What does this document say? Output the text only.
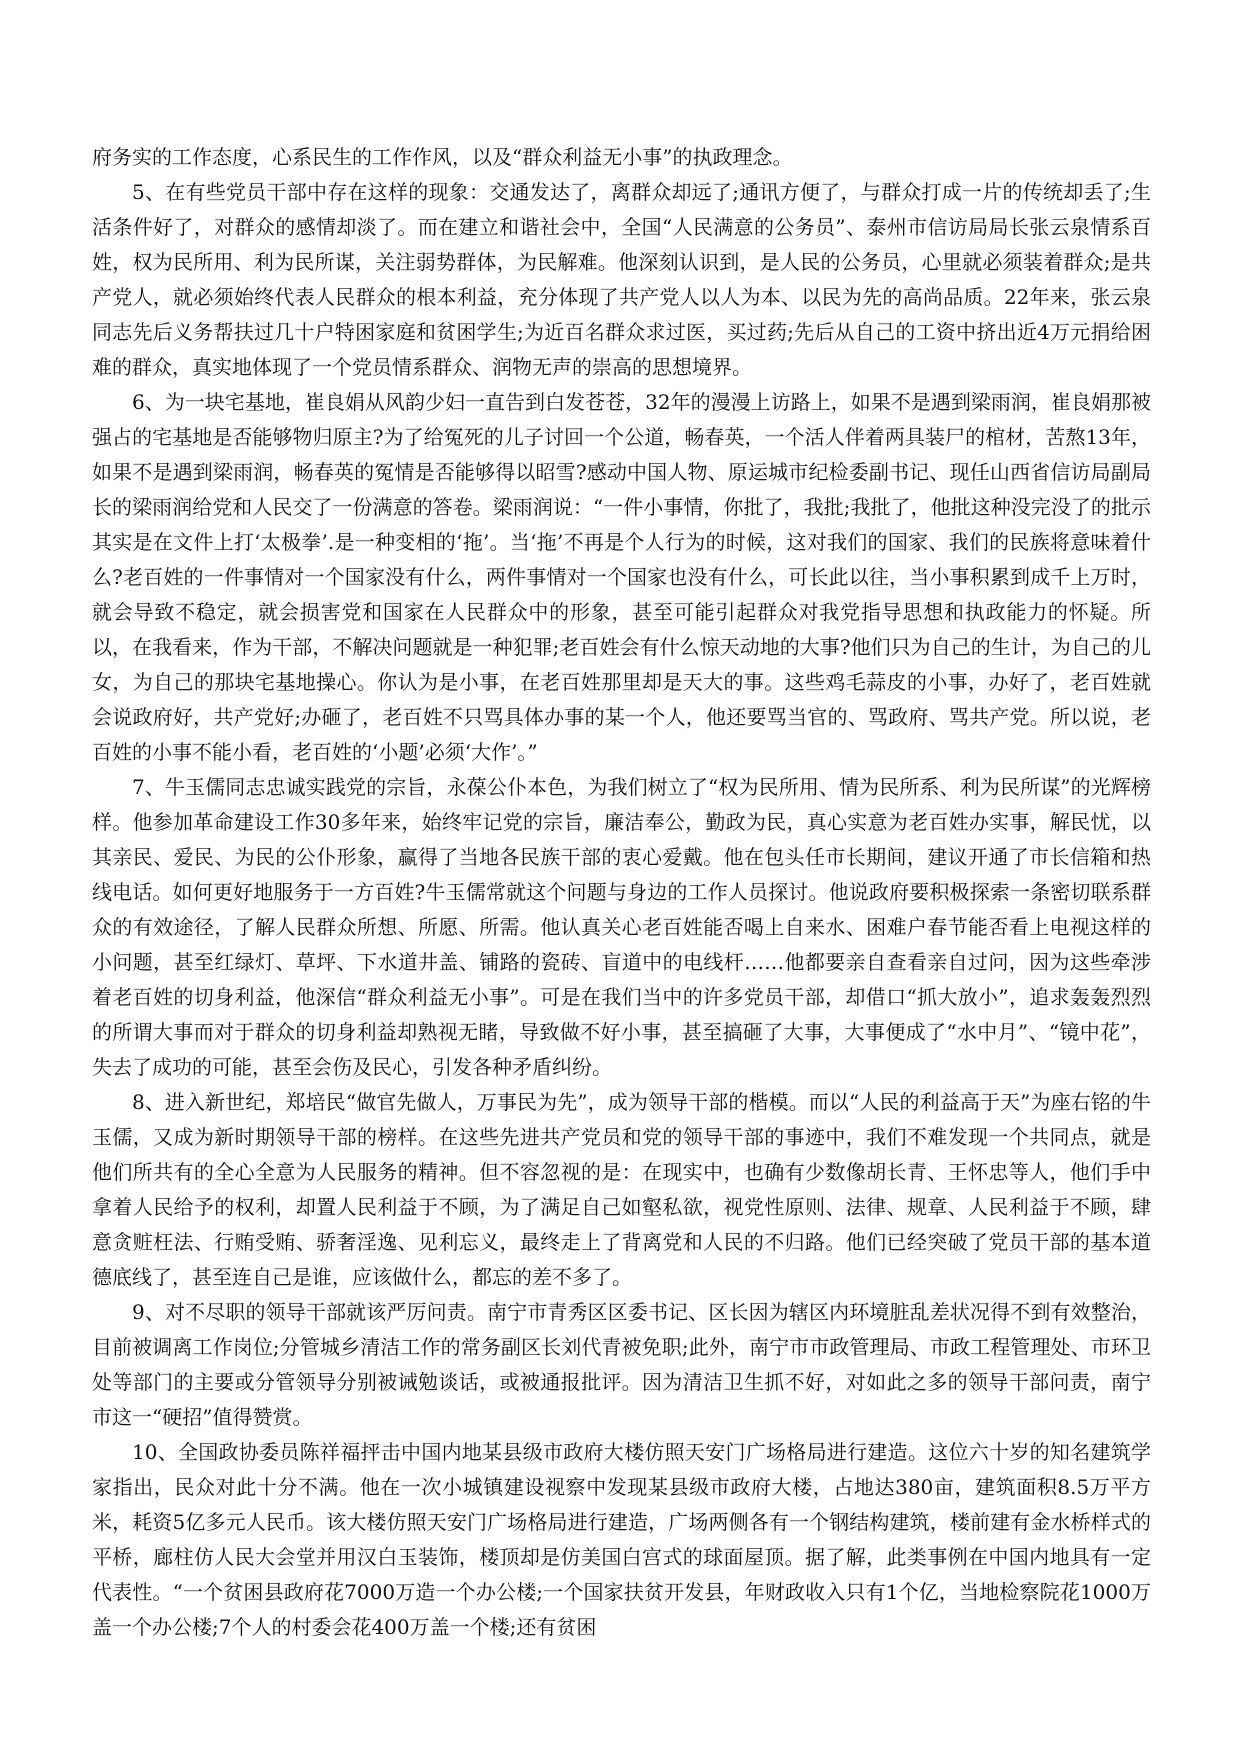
府务实的工作态度，心系民生的工作作风，以及“群众利益无小事”的执政理念。

5、在有些党员干部中存在这样的现象：交通发达了，离群众却远了;通讯方便了，与群众打成一片的传统却丢了;生活条件好了，对群众的感情却淡了。而在建立和谐社会中，全国“人民满意的公务员”、泰州市信访局局长张云泉情系百姓，权为民所用、利为民所谋，关注弱势群体，为民解难。他深刻认识到，是人民的公务员，心里就必须装着群众;是共产党人，就必须始终代表人民群众的根本利益，充分体现了共产党人以人为本、以民为先的高尚品质。22年来，张云泉同志先后义务帮扶过几十户特困家庭和贫困学生;为近百名群众求过医，买过药;先后从自己的工资中挤出近4万元捐给困难的群众，真实地体现了一个党员情系群众、润物无声的崇高的思想境界。

6、为一块宅基地，崔良娟从风韵少妇一直告到白发苍苍，32年的漫漫上访路上，如果不是遇到梁雨润，崔良娟那被强占的宅基地是否能够物归原主?为了给冤死的儿子讨回一个公道，畅春英，一个活人伴着两具装尸的棺材，苦熬13年，如果不是遇到梁雨润，畅春英的冤情是否能够得以昭雪?感动中国人物、原运城市纪检委副书记、现任山西省信访局副局长的梁雨润给党和人民交了一份满意的答卷。梁雨润说：“一件小事情，你批了，我批;我批了，他批这种没完没了的批示其实是在文件上打‘太极拳’.是一种变相的‘拖’。当‘拖’不再是个人行为的时候，这对我们的国家、我们的民族将意味着什么?老百姓的一件事情对一个国家没有什么，两件事情对一个国家也没有什么，可长此以往，当小事积累到成千上万时，就会导致不稳定，就会损害党和国家在人民群众中的形象，甚至可能引起群众对我党指导思想和执政能力的怀疑。所以，在我看来，作为干部，不解决问题就是一种犯罪;老百姓会有什么惊天动地的大事?他们只为自己的生计，为自己的儿女，为自己的那块宅基地操心。你认为是小事，在老百姓那里却是天大的事。这些鸡毛蒜皮的小事，办好了，老百姓就会说政府好，共产党好;办砸了，老百姓不只骂具体办事的某一个人，他还要骂当官的、骂政府、骂共产党。所以说，老百姓的小事不能小看，老百姓的‘小题’必须‘大作’。”

7、牛玉儒同志忠诚实践党的宗旨，永葆公仆本色，为我们树立了“权为民所用、情为民所系、利为民所谋”的光辉榜样。他参加革命建设工作30多年来，始终牢记党的宗旨，廉洁奉公，勤政为民，真心实意为老百姓办实事，解民忧，以其亲民、爱民、为民的公仆形象，赢得了当地各民族干部的衷心爱戴。他在包头任市长期间，建议开通了市长信箱和热线电话。如何更好地服务于一方百姓?牛玉儒常就这个问题与身边的工作人员探讨。他说政府要积极探索一条密切联系群众的有效途径，了解人民群众所想、所愿、所需。他认真关心老百姓能否喝上自来水、困难户春节能否看上电视这样的小问题，甚至红绿灯、草坪、下水道井盖、铺路的瓷砖、盲道中的电线杆……他都要亲自查看亲自过问，因为这些牵涉着老百姓的切身利益，他深信“群众利益无小事”。可是在我们当中的许多党员干部，却借口“抓大放小”，追求轰轰烈烈的所谓大事而对于群众的切身利益却熟视无睹，导致做不好小事，甚至搞砸了大事，大事便成了“水中月”、“镜中花”，失去了成功的可能，甚至会伤及民心，引发各种矛盾纠纷。

8、进入新世纪，郑培民“做官先做人，万事民为先”，成为领导干部的楷模。而以“人民的利益高于天”为座右铭的牛玉儒，又成为新时期领导干部的榜样。在这些先进共产党员和党的领导干部的事迹中，我们不难发现一个共同点，就是他们所共有的全心全意为人民服务的精神。但不容忽视的是：在现实中，也确有少数像胡长青、王怀忠等人，他们手中拿着人民给予的权利，却置人民利益于不顾，为了满足自己如壑私欲，视党性原则、法律、规章、人民利益于不顾，肆意贪赃枉法、行贿受贿、骄奢淫逸、见利忘义，最终走上了背离党和人民的不归路。他们已经突破了党员干部的基本道德底线了，甚至连自己是谁，应该做什么，都忘的差不多了。

9、对不尽职的领导干部就该严厉问责。南宁市青秀区区委书记、区长因为辖区内环境脏乱差状况得不到有效整治，目前被调离工作岗位;分管城乡清洁工作的常务副区长刘代青被免职;此外，南宁市市政管理局、市政工程管理处、市环卫处等部门的主要或分管领导分别被诫勉谈话，或被通报批评。因为清洁卫生抓不好，对如此之多的领导干部问责，南宁市这一“硬招”值得赞赏。

10、全国政协委员陈祥福抨击中国内地某县级市政府大楼仿照天安门广场格局进行建造。这位六十岁的知名建筑学家指出，民众对此十分不满。他在一次小城镇建设视察中发现某县级市政府大楼，占地达380亩，建筑面积8.5万平方米，耗资5亿多元人民币。该大楼仿照天安门广场格局进行建造，广场两侧各有一个钢结构建筑，楼前建有金水桥样式的平桥，廊柱仿人民大会堂并用汉白玉装饰，楼顶却是仿美国白宫式的球面屋顶。据了解，此类事例在中国内地具有一定代表性。“一个贫困县政府花7000万造一个办公楼;一个国家扶贫开发县，年财政收入只有1个亿，当地检察院花1000万盖一个办公楼;7个人的村委会花400万盖一个楼;还有贫困
